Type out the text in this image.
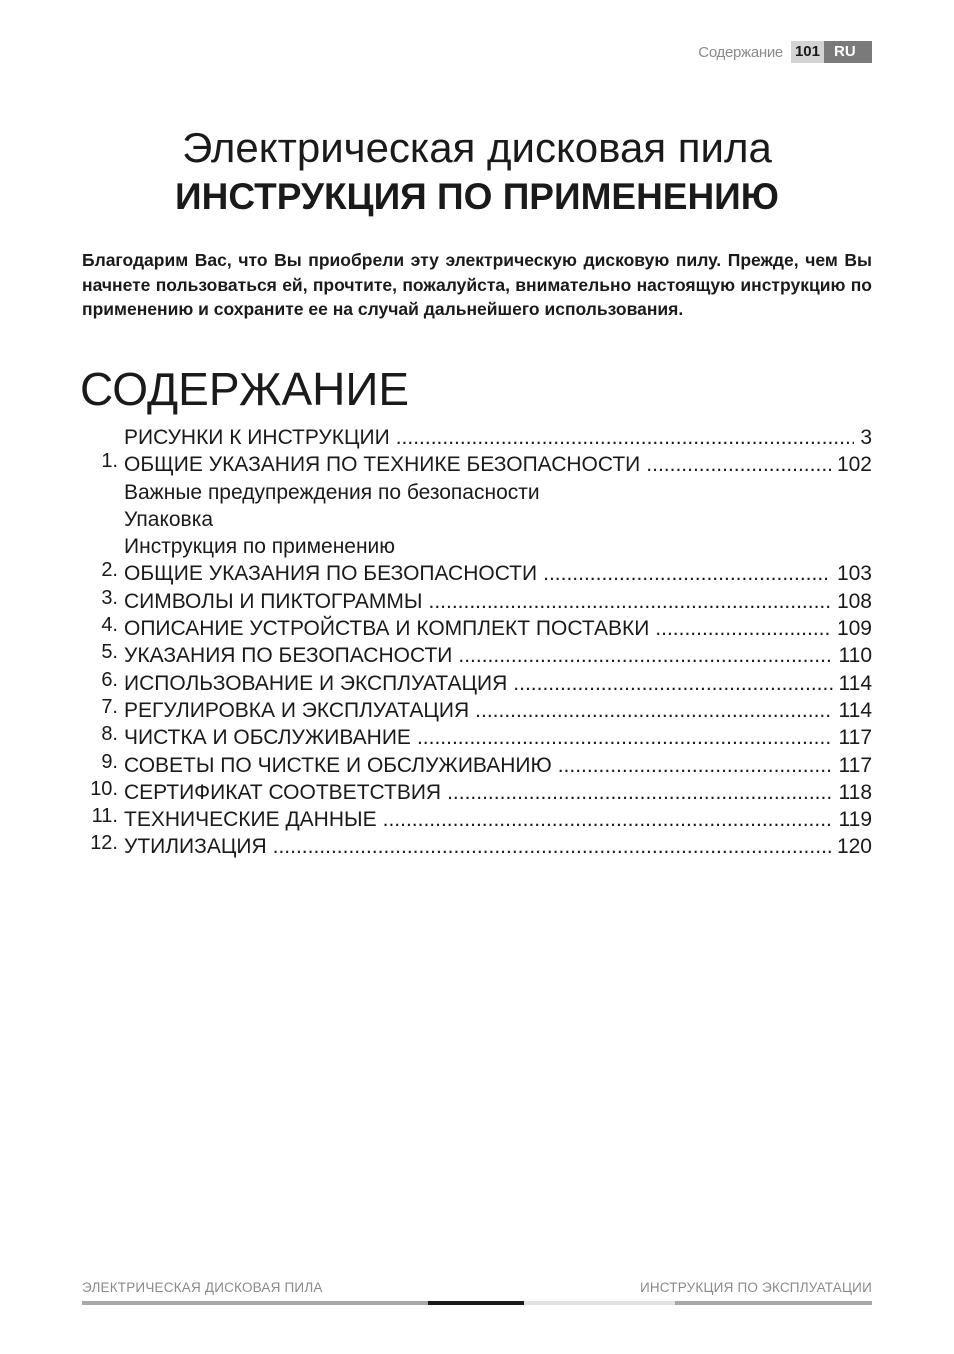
Содержание 101 RU
Электрическая дисковая пила
ИНСТРУКЦИЯ ПО ПРИМЕНЕНИЮ
Благодарим Вас, что Вы приобрели эту электрическую дисковую пилу. Прежде, чем Вы начнете пользоваться ей, прочтите, пожалуйста, внимательно настоящую инструкцию по применению и сохраните ее на случай дальнейшего использования.
СОДЕРЖАНИЕ
РИСУНКИ К ИНСТРУКЦИИ .....	3
1. ОБЩИЕ УКАЗАНИЯ ПО ТЕХНИКЕ БЕЗОПАСНОСТИ .....	102
Важные предупреждения по безопасности
Упаковка
Инструкция по применению
2. ОБЩИЕ УКАЗАНИЯ ПО БЕЗОПАСНОСТИ .....	103
3. СИМВОЛЫ И ПИКТОГРАММЫ .....	108
4. ОПИСАНИЕ УСТРОЙСТВА И КОМПЛЕКТ ПОСТАВКИ .....	109
5. УКАЗАНИЯ ПО БЕЗОПАСНОСТИ .....	110
6. ИСПОЛЬЗОВАНИЕ И ЭКСПЛУАТАЦИЯ .....	114
7. РЕГУЛИРОВКА И ЭКСПЛУАТАЦИЯ .....	114
8. ЧИСТКА И ОБСЛУЖИВАНИЕ .....	117
9. СОВЕТЫ ПО ЧИСТКЕ И ОБСЛУЖИВАНИЮ .....	117
10. СЕРТИФИКАТ СООТВЕТСТВИЯ .....	118
11. ТЕХНИЧЕСКИЕ ДАННЫЕ .....	119
12. УТИЛИЗАЦИЯ .....	120
ЭЛЕКТРИЧЕСКАЯ ДИСКОВАЯ ПИЛА	ИНСТРУКЦИЯ ПО ЭКСПЛУАТАЦИИ
